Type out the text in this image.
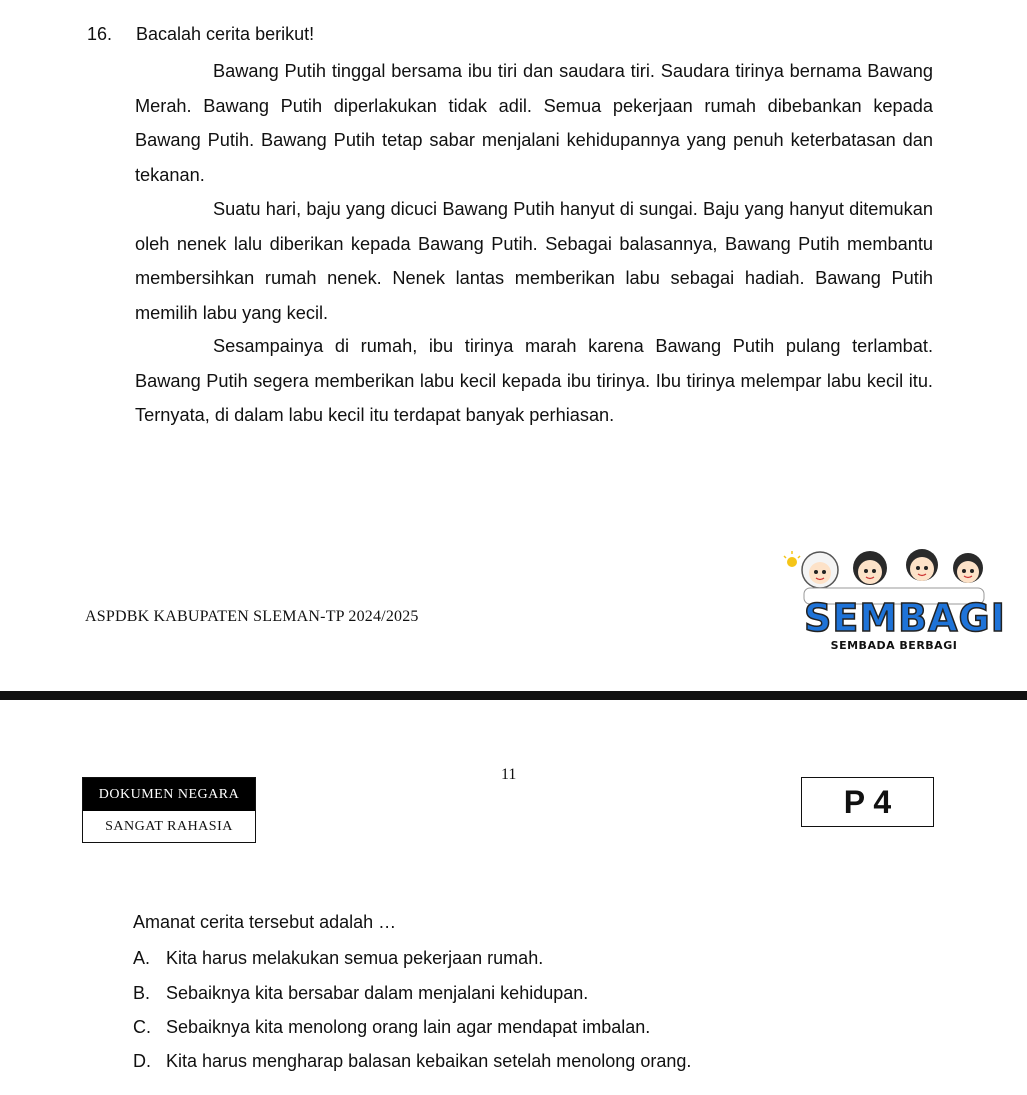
16. Bacalah cerita berikut!

Bawang Putih tinggal bersama ibu tiri dan saudara tiri. Saudara tirinya bernama Bawang Merah. Bawang Putih diperlakukan tidak adil. Semua pekerjaan rumah dibebankan kepada Bawang Putih. Bawang Putih tetap sabar menjalani kehidupannya yang penuh keterbatasan dan tekanan.

Suatu hari, baju yang dicuci Bawang Putih hanyut di sungai. Baju yang hanyut ditemukan oleh nenek lalu diberikan kepada Bawang Putih. Sebagai balasannya, Bawang Putih membantu membersihkan rumah nenek. Nenek lantas memberikan labu sebagai hadiah. Bawang Putih memilih labu yang kecil.

Sesampainya di rumah, ibu tirinya marah karena Bawang Putih pulang terlambat. Bawang Putih segera memberikan labu kecil kepada ibu tirinya. Ibu tirinya melempar labu kecil itu. Ternyata, di dalam labu kecil itu terdapat banyak perhiasan.

ASPDBK KABUPATEN SLEMAN-TP 2024/2025	SEMBAGI
SEMBADA BERBAGI
11
DOKUMEN NEGARA
SANGAT RAHASIA
P 4
Amanat cerita tersebut adalah …
A. Kita harus melakukan semua pekerjaan rumah.
B. Sebaiknya kita bersabar dalam menjalani kehidupan.
C. Sebaiknya kita menolong orang lain agar mendapat imbalan.
D. Kita harus mengharap balasan kebaikan setelah menolong orang.
